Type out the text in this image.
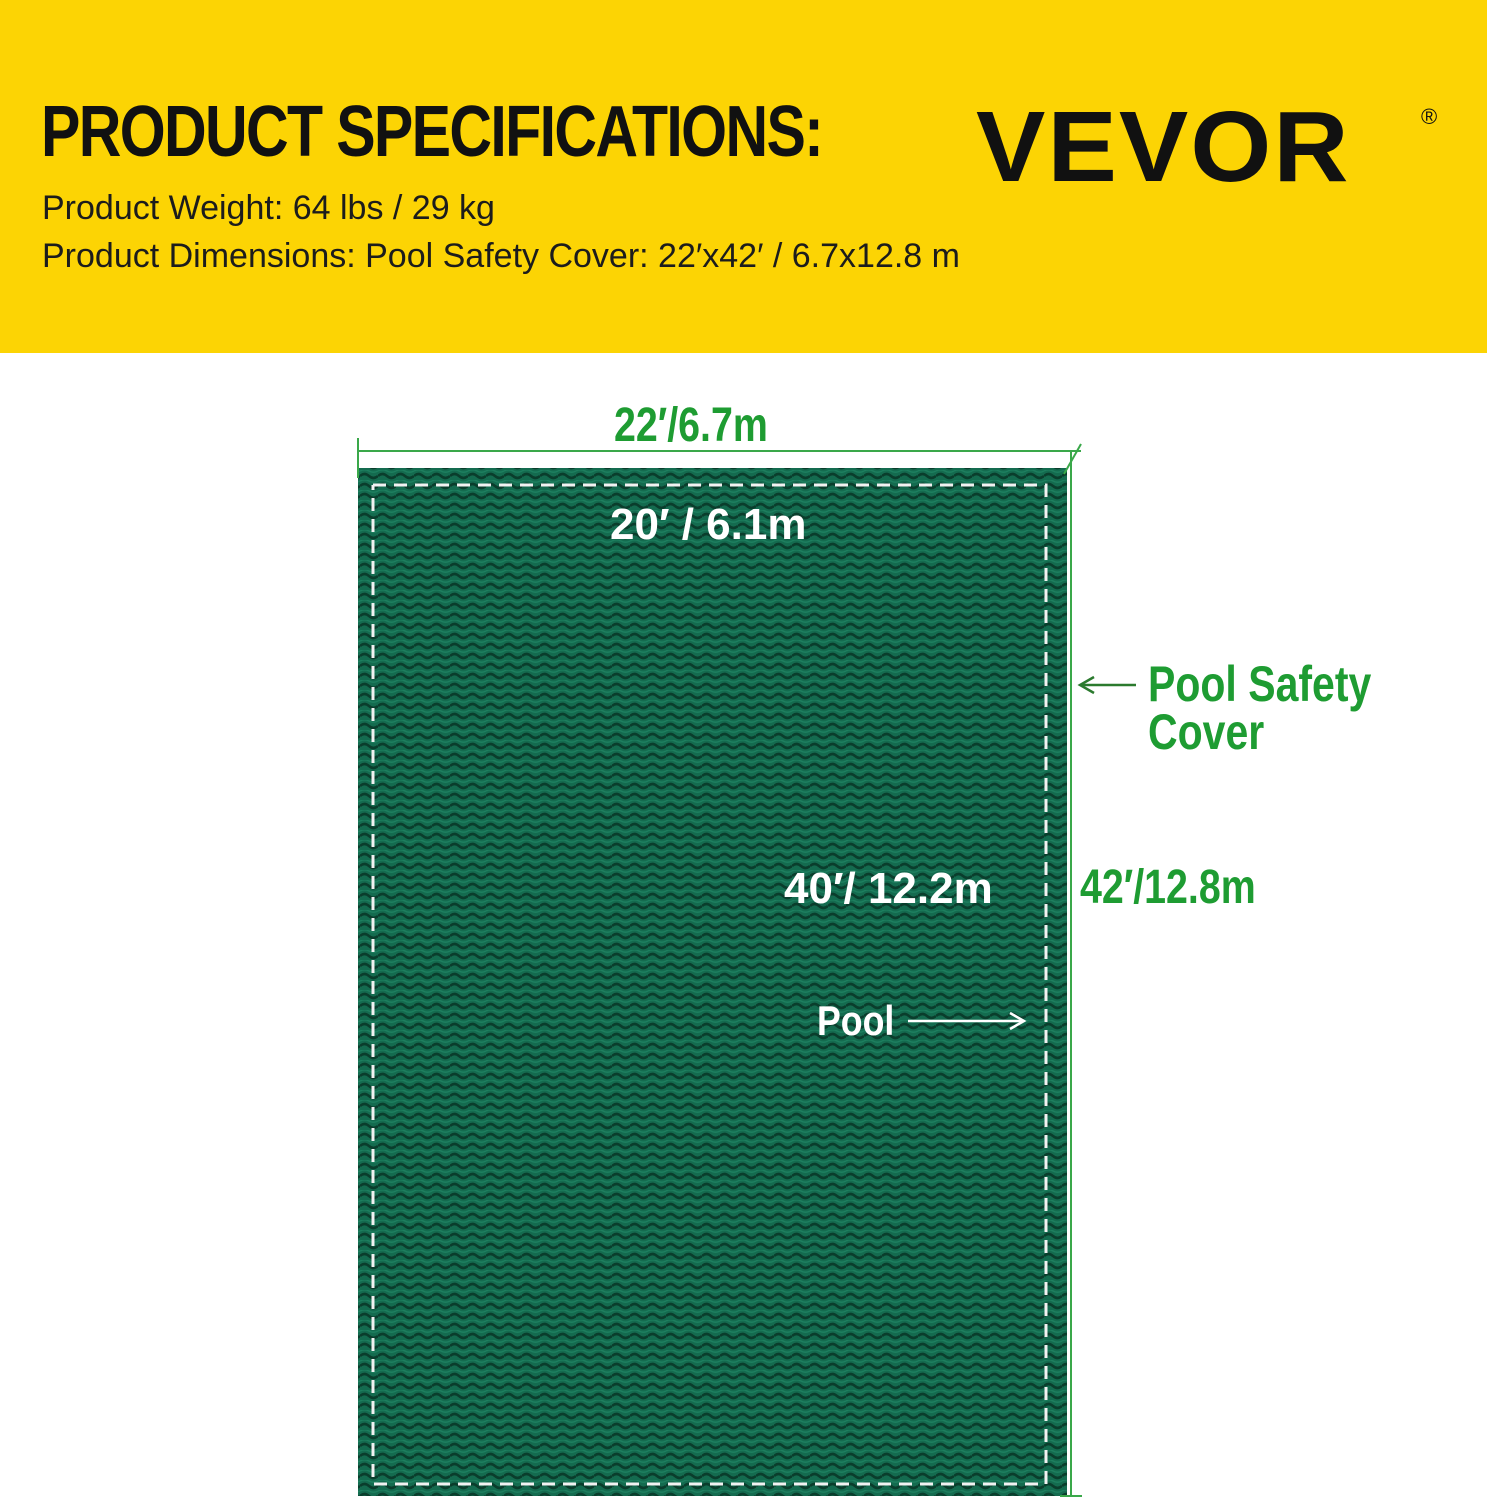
PRODUCT SPECIFICATIONS:

Product Weight: 64 lbs / 29 kg

Product Dimensions: Pool Safety Cover: 22′x42′ / 6.7x12.8 m

VEVOR	®
22′/6.7m
20′ / 6.1m
40′/ 12.2m 42′/12.8m
Pool
Pool Safety
Cover
